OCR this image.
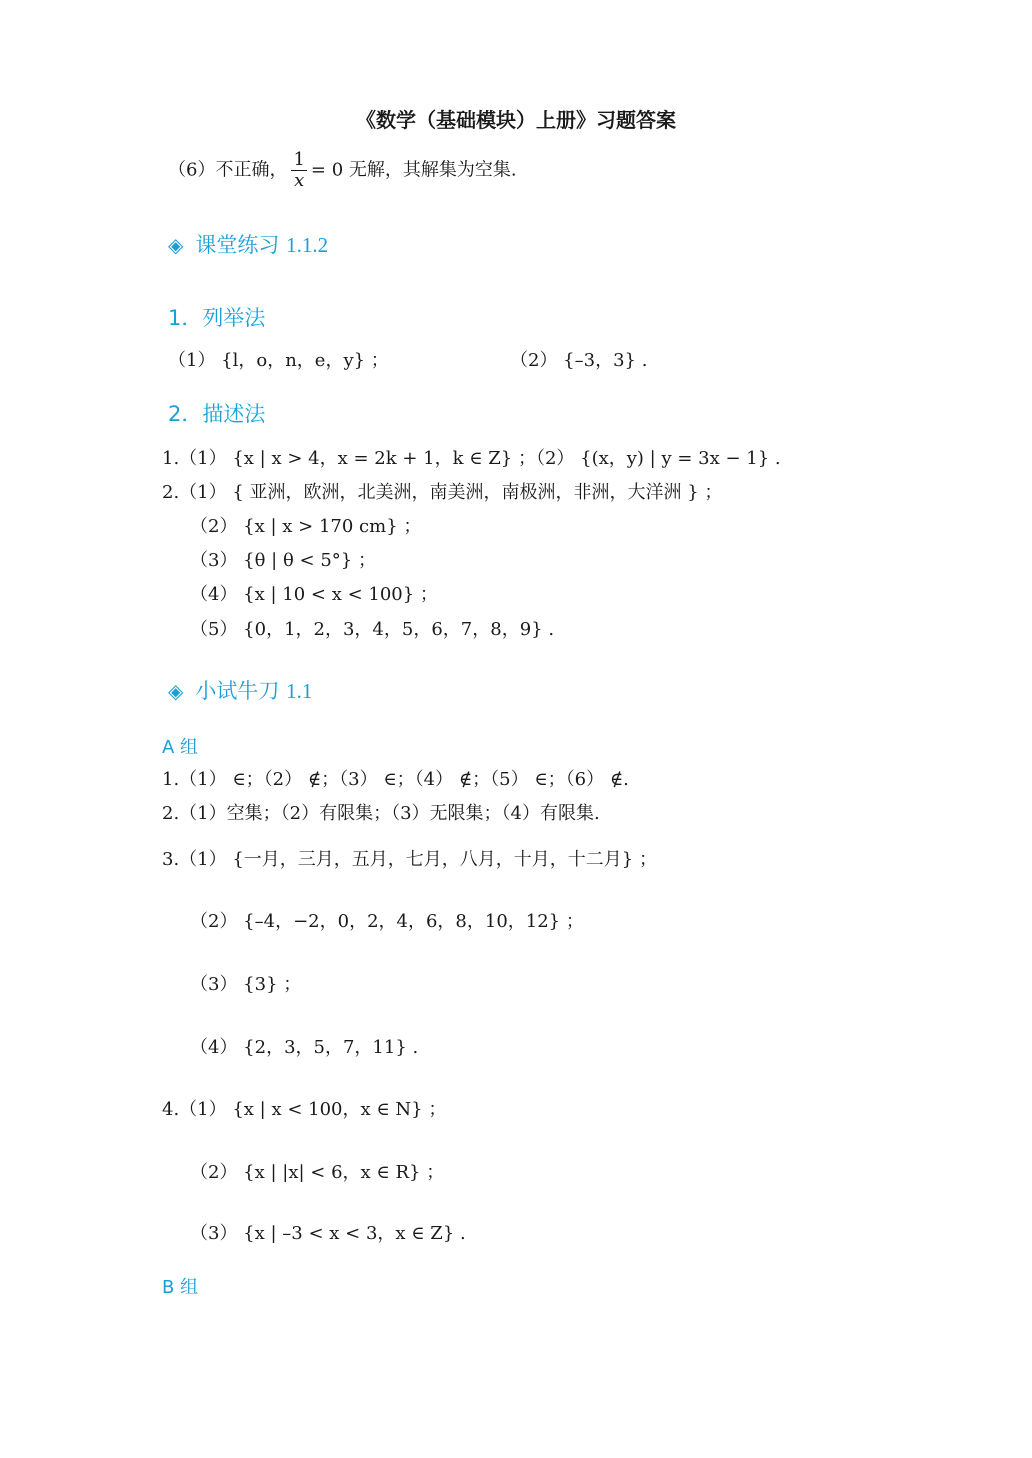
《数学（基础模块）上册》习题答案
（6）不正确， $\frac{1}{x} = 0$ 无解，其解集为空集.
◈ 课堂练习 1.1.2
1．列举法
（1） {l，o，n，e，y} ；	（2） {–3，3} .
2．描述法
1.（1） {x | x > 4，x = 2k + 1，k ∈ Z} ；（2） {(x，y) | y = 3x − 1} .
2.（1） { 亚洲，欧洲，北美洲，南美洲，南极洲，非洲，大洋洲 } ；
（2） {x | x > 170 cm} ；
（3） {θ | θ < 5°} ；
（4） {x | 10 < x < 100} ；
（5） {0，1，2，3，4，5，6，7，8，9} .
◈ 小试牛刀 1.1
A 组
1.（1） ∈；（2） ∉；（3） ∈；（4） ∉；（5） ∈；（6） ∉.
2.（1）空集；（2）有限集；（3）无限集；（4）有限集.
3.（1） {一月，三月，五月，七月，八月，十月，十二月} ；
（2） {–4，−2，0，2，4，6，8，10，12} ；
（3） {3} ；
（4） {2，3，5，7，11} .
4.（1） {x | x < 100，x ∈ N} ；
（2） {x | |x| < 6，x ∈ R} ；
（3） {x | –3 < x < 3，x ∈ Z} .
B 组
